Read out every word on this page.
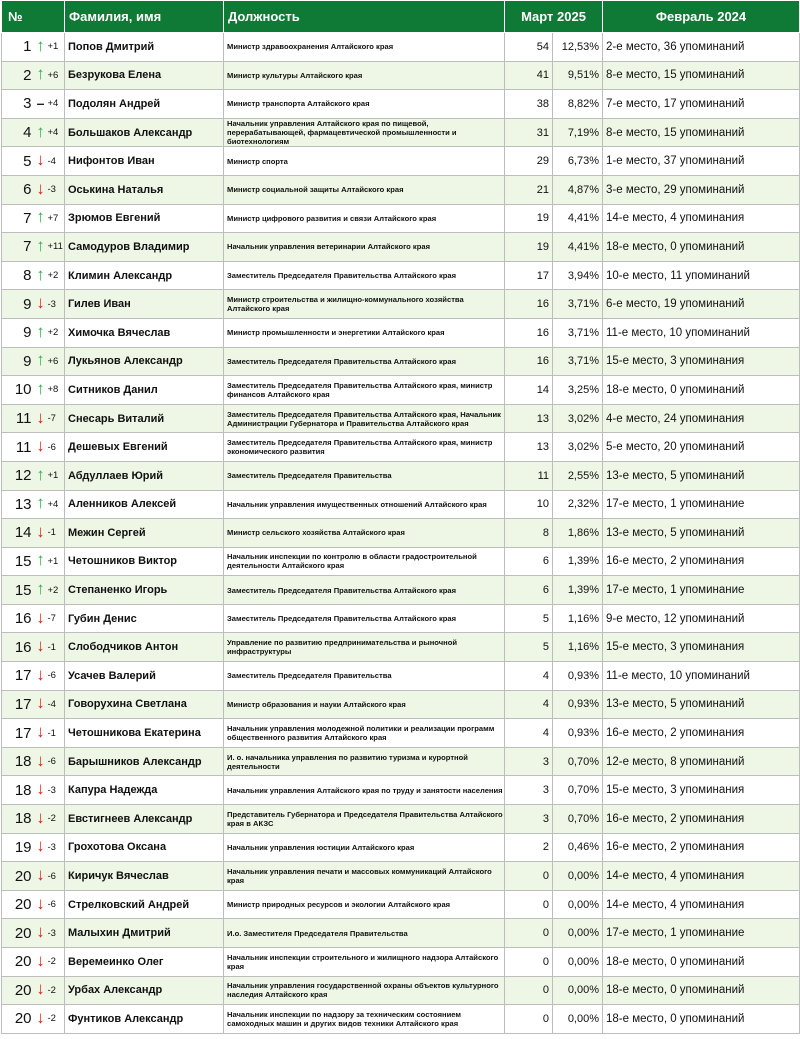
№			Фамилия, имя	Должность	Март 2025		Февраль 2024
1	↑	+1	Попов Дмитрий	Министр здравоохранения Алтайского края	54	12,53%	2-е место, 36 упоминаний
2	↑	+6	Безрукова Елена	Министр культуры Алтайского края	41	9,51%	8-е место, 15 упоминаний
3	–	+4	Подолян Андрей	Министр транспорта Алтайского края	38	8,82%	7-е место, 17 упоминаний
4	↑	+4	Большаков Александр	Начальник управления Алтайского края по пищевой, перерабатывающей, фармацевтической промышленности и биотехнологиям	31	7,19%	8-е место, 15 упоминаний
5	↓	-4	Нифонтов Иван	Министр спорта	29	6,73%	1-е место, 37 упоминаний
6	↓	-3	Оськина Наталья	Министр социальной защиты Алтайского края	21	4,87%	3-е место, 29 упоминаний
7	↑	+7	Зрюмов Евгений	Министр цифрового развития и связи Алтайского края	19	4,41%	14-е место, 4 упоминания
7	↑	+11	Самодуров Владимир	Начальник управления ветеринарии Алтайского края	19	4,41%	18-е место, 0 упоминаний
8	↑	+2	Климин Александр	Заместитель Председателя Правительства Алтайского края	17	3,94%	10-е место, 11 упоминаний
9	↓	-3	Гилев Иван	Министр строительства и жилищно-коммунального хозяйства Алтайского края	16	3,71%	6-е место, 19 упоминаний
9	↑	+2	Химочка Вячеслав	Министр промышленности и энергетики Алтайского края	16	3,71%	11-е место, 10 упоминаний
9	↑	+6	Лукьянов Александр	Заместитель Председателя Правительства Алтайского края	16	3,71%	15-е место, 3 упоминания
10	↑	+8	Ситников Данил	Заместитель Председателя Правительства Алтайского края, министр финансов Алтайского края	14	3,25%	18-е место, 0 упоминаний
11	↓	-7	Снесарь Виталий	Заместитель Председателя Правительства Алтайского края, Начальник Администрации Губернатора и Правительства Алтайского края	13	3,02%	4-е место, 24 упоминания
11	↓	-6	Дешевых Евгений	Заместитель Председателя Правительства Алтайского края, министр экономического развития	13	3,02%	5-е место, 20 упоминаний
12	↑	+1	Абдуллаев Юрий	Заместитель Председателя Правительства	11	2,55%	13-е место, 5 упоминаний
13	↑	+4	Аленников Алексей	Начальник управления имущественных отношений Алтайского края	10	2,32%	17-е место, 1 упоминание
14	↓	-1	Межин Сергей	Министр сельского хозяйства Алтайского края	8	1,86%	13-е место, 5 упоминаний
15	↑	+1	Четошников Виктор	Начальник инспекции по контролю в области градостроительной деятельности Алтайского края	6	1,39%	16-е место, 2 упоминания
15	↑	+2	Степаненко Игорь	Заместитель Председателя Правительства Алтайского края	6	1,39%	17-е место, 1 упоминание
16	↓	-7	Губин Денис	Заместитель Председателя Правительства Алтайского края	5	1,16%	9-е место, 12 упоминаний
16	↓	-1	Слободчиков Антон	Управление по развитию предпринимательства и рыночной инфраструктуры	5	1,16%	15-е место, 3 упоминания
17	↓	-6	Усачев Валерий	Заместитель Председателя Правительства	4	0,93%	11-е место, 10 упоминаний
17	↓	-4	Говорухина Светлана	Министр образования и науки Алтайского края	4	0,93%	13-е место, 5 упоминаний
17	↓	-1	Четошникова Екатерина	Начальник управления молодежной политики и реализации программ общественного развития Алтайского края	4	0,93%	16-е место, 2 упоминания
18	↓	-6	Барышников Александр	И. о. начальника управления по развитию туризма и курортной деятельности	3	0,70%	12-е место, 8 упоминаний
18	↓	-3	Капура Надежда	Начальник управления Алтайского края по труду и занятости населения	3	0,70%	15-е место, 3 упоминания
18	↓	-2	Евстигнеев Александр	Представитель Губернатора и Председателя Правительства Алтайского края в АКЗС	3	0,70%	16-е место, 2 упоминания
19	↓	-3	Грохотова Оксана	Начальник управления юстиции Алтайского края	2	0,46%	16-е место, 2 упоминания
20	↓	-6	Киричук Вячеслав	Начальник управления печати и массовых коммуникаций Алтайского края	0	0,00%	14-е место, 4 упоминания
20	↓	-6	Стрелковский Андрей	Министр природных ресурсов и экологии Алтайского края	0	0,00%	14-е место, 4 упоминания
20	↓	-3	Малыхин Дмитрий	И.о. Заместителя Председателя Правительства	0	0,00%	17-е место, 1 упоминание
20	↓	-2	Веремеинко Олег	Начальник инспекции строительного и жилищного надзора Алтайского края	0	0,00%	18-е место, 0 упоминаний
20	↓	-2	Урбах Александр	Начальник управления государственной охраны объектов культурного наследия Алтайского края	0	0,00%	18-е место, 0 упоминаний
20	↓	-2	Фунтиков Александр	Начальник инспекции по надзору за техническим состоянием самоходных машин и других видов техники Алтайского края	0	0,00%	18-е место, 0 упоминаний
